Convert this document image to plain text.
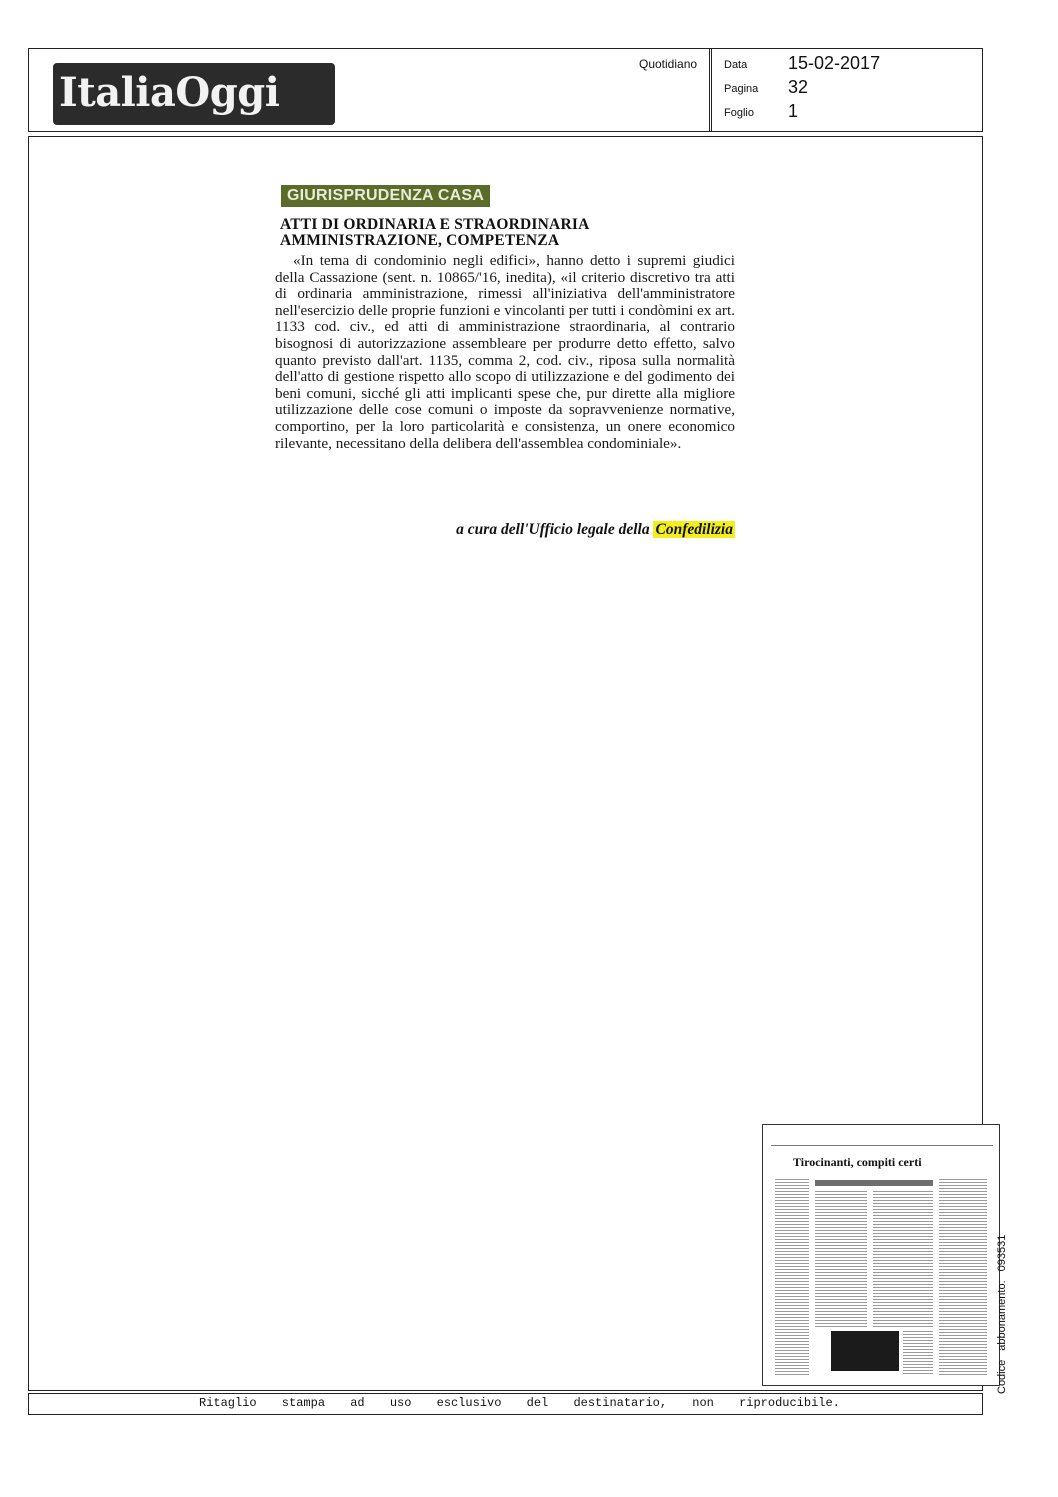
ItaliaOggi
Quotidiano Data 15-02-2017
Pagina 32
Foglio 1
GIURISPRUDENZA CASA
ATTI DI ORDINARIA E STRAORDINARIA AMMINISTRAZIONE, COMPETENZA

«In tema di condominio negli edifici», hanno detto i supremi giudici della Cassazione (sent. n. 10865/'16, inedita), «il criterio discretivo tra atti di ordinaria amministrazione, rimessi all'iniziativa dell'amministratore nell'esercizio delle proprie funzioni e vincolanti per tutti i condòmini ex art. 1133 cod. civ., ed atti di amministrazione straordinaria, al contrario bisognosi di autorizzazione assembleare per produrre detto effetto, salvo quanto previsto dall'art. 1135, comma 2, cod. civ., riposa sulla normalità dell'atto di gestione rispetto allo scopo di utilizzazione e del godimento dei beni comuni, sicché gli atti implicanti spese che, pur dirette alla migliore utilizzazione delle cose comuni o imposte da sopravvenienze normative, comportino, per la loro particolarità e consistenza, un onere economico rilevante, necessitano della delibera dell'assemblea condominiale».

a cura dell'Ufficio legale della Confedilizia
Tirocinanti, compiti certi
Ritaglio stampa ad uso esclusivo del destinatario, non riproducibile.
Codice abbonamento: 093531
